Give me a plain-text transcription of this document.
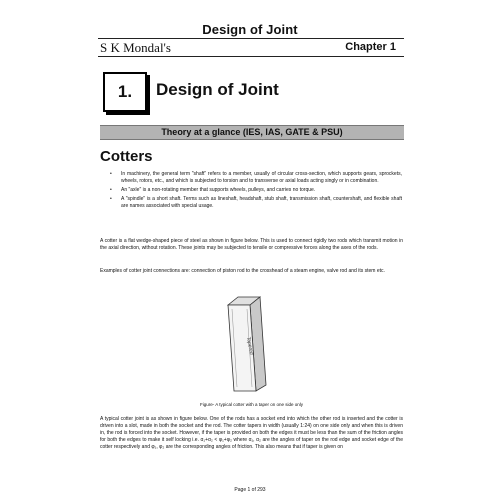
Design of Joint
S K Mondal's	Chapter 1
1. Design of Joint
Theory at a glance (IES, IAS, GATE & PSU)
Cotters
• In machinery, the general term "shaft" refers to a member, usually of circular cross-section, which supports gears, sprockets, wheels, rotors, etc., and which is subjected to torsion and to transverse or axial loads acting singly or in combination.
• An "axle" is a non-rotating member that supports wheels, pulleys, and carries no torque.
• A "spindle" is a short shaft. Terms such as lineshaft, headshaft, stub shaft, transmission shaft, countershaft, and flexible shaft are names associated with special usage.

A cotter is a flat wedge-shaped piece of steel as shown in figure below. This is used to connect rigidly two rods which transmit motion in the axial direction, without rotation. These joints may be subjected to tensile or compressive forces along the axes of the rods.

Examples of cotter joint connections are: connection of piston rod to the crosshead of a steam engine, valve rod and its stem etc.

Tapered
Figure- A typical cotter with a taper on one side only

A typical cotter joint is as shown in figure below. One of the rods has a socket end into which the other rod is inserted and the cotter is driven into a slot, made in both the socket and the rod. The cotter tapers in width (usually 1:24) on one side only and when this is driven in, the rod is forced into the socket. However, if the taper is provided on both the edges it must be less than the sum of the friction angles for both the edges to make it self locking i.e. α₁+α₂ < φ₁+φ₂ where α₁, α₂ are the angles of taper on the rod edge and socket edge of the cotter respectively and φ₁, φ₂ are the corresponding angles of friction. This also means that if taper is given on

Page 1 of 293
